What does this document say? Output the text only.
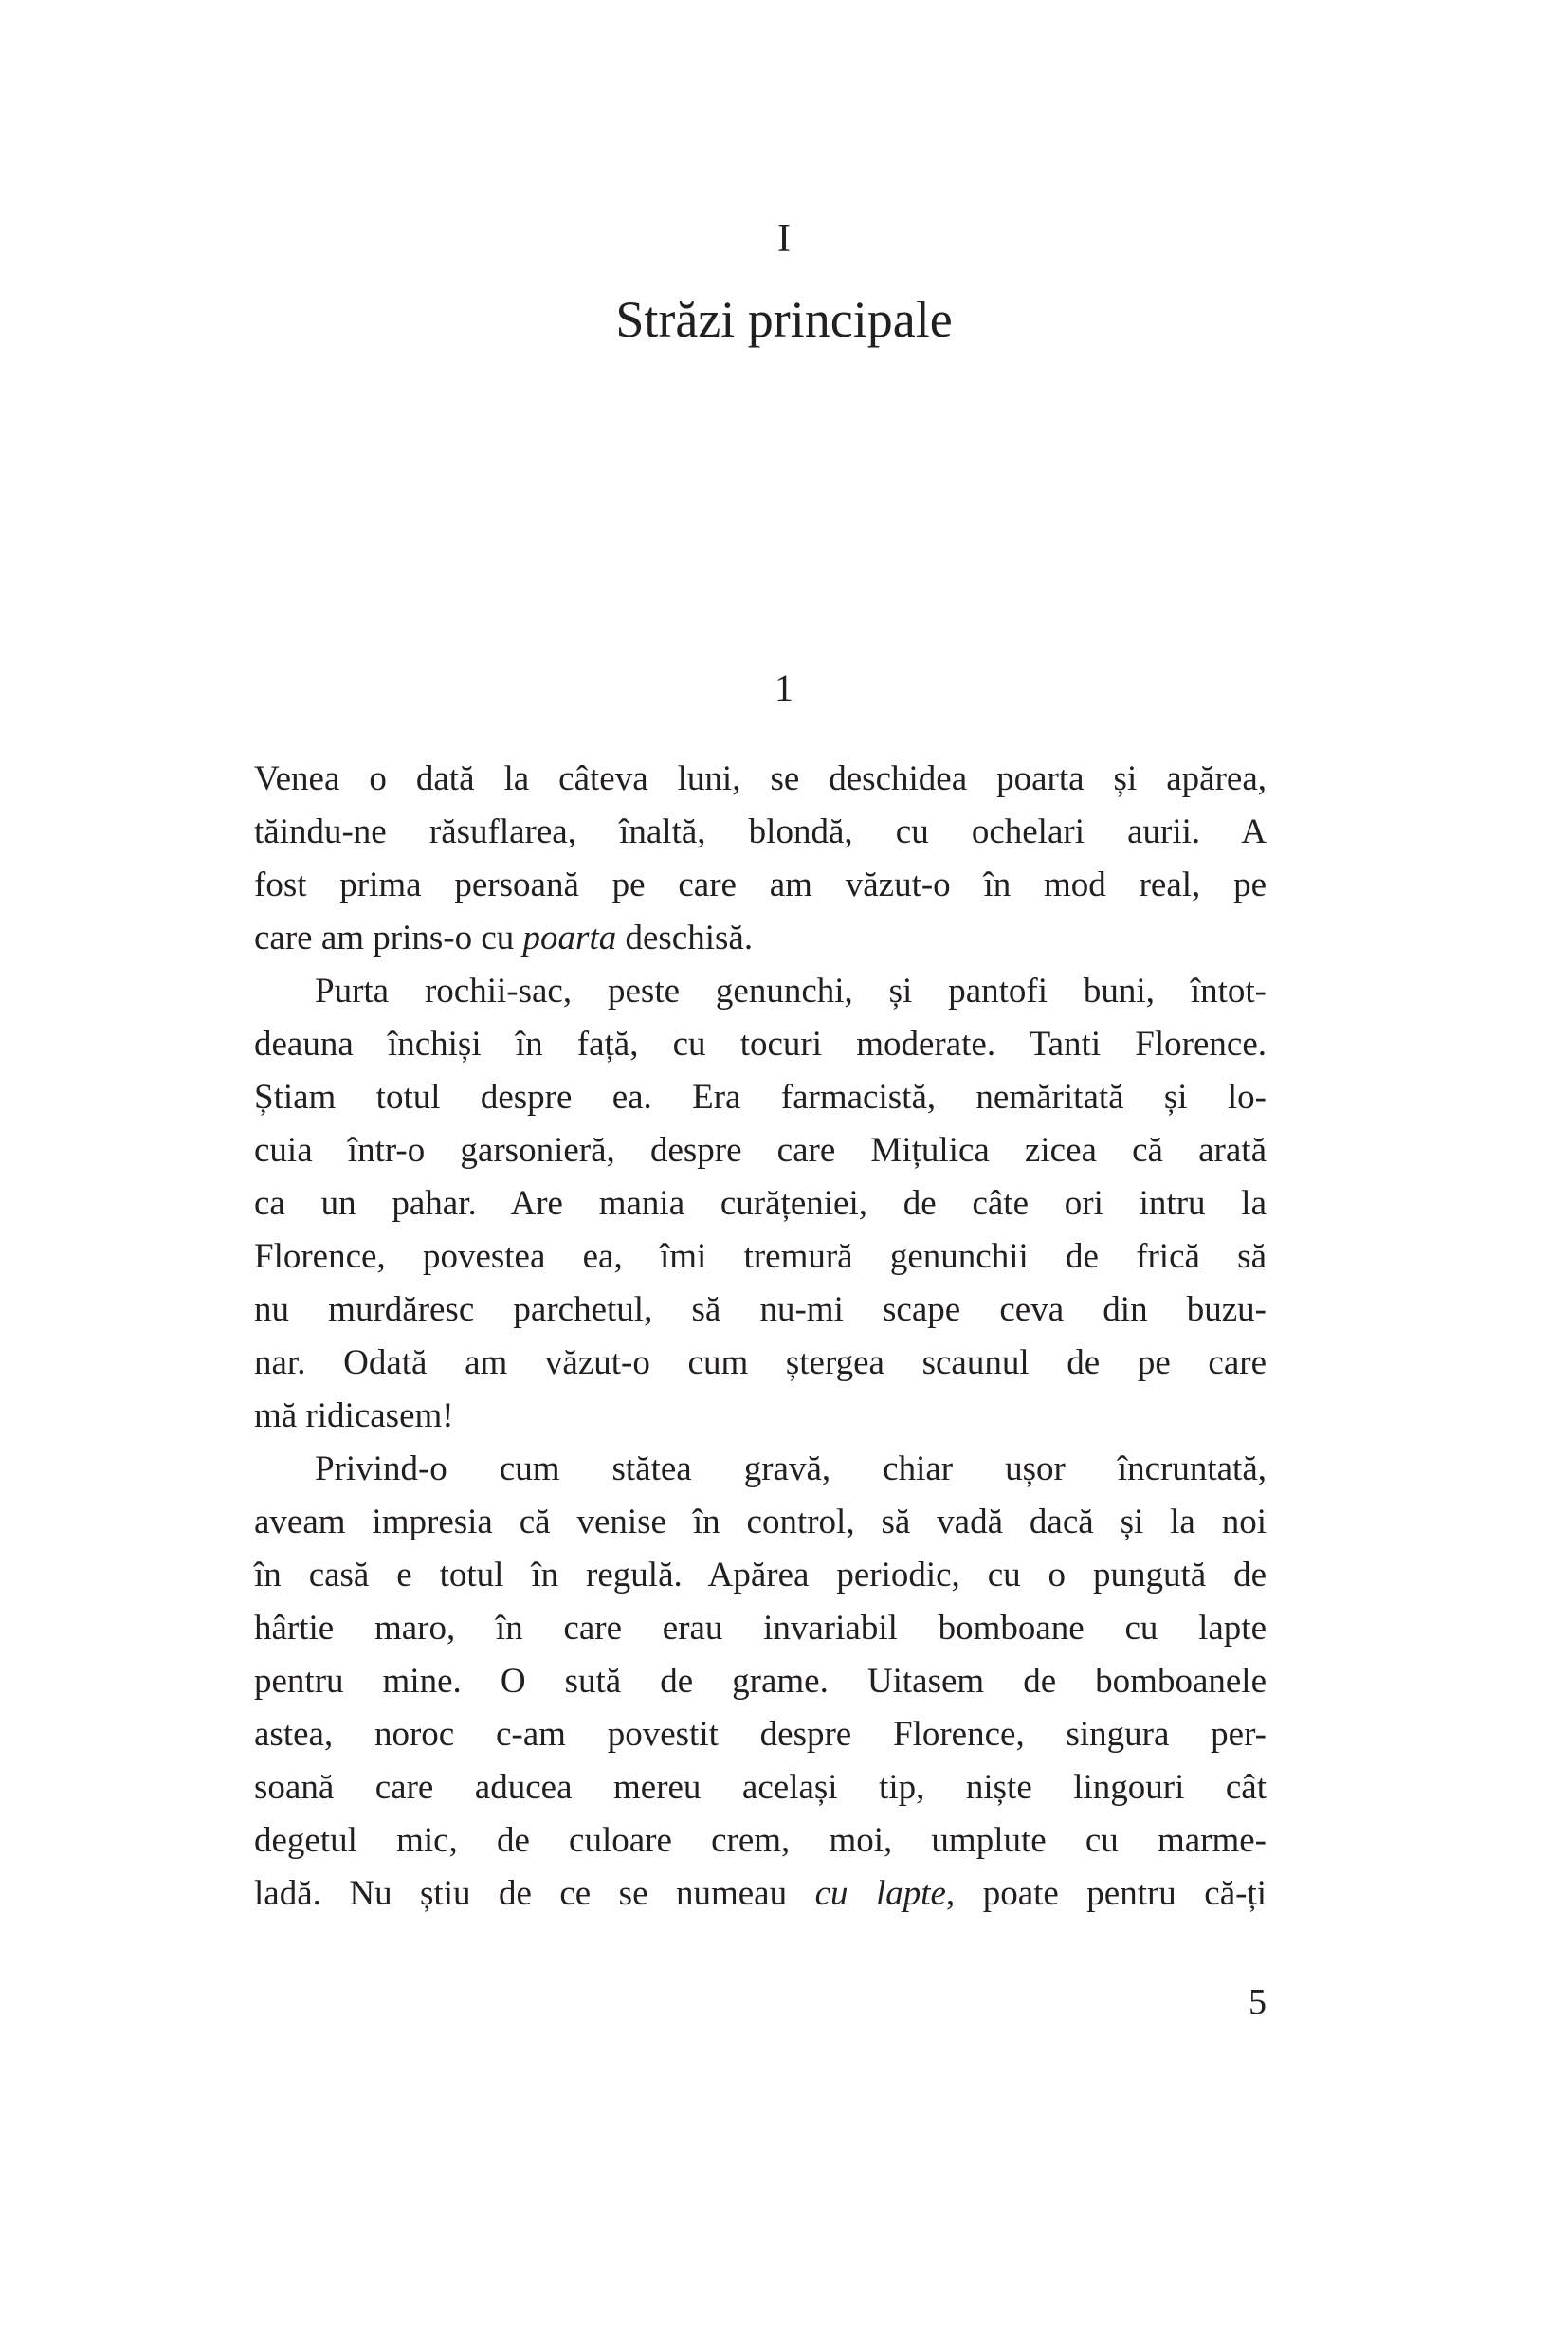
I
Străzi principale
1
Venea o dată la câteva luni, se deschidea poarta și apărea,
tăindu-ne răsuflarea, înaltă, blondă, cu ochelari aurii. A
fost prima persoană pe care am văzut-o în mod real, pe
care am prins-o cu poarta deschisă.
Purta rochii-sac, peste genunchi, și pantofi buni, întot-
deauna închiși în față, cu tocuri moderate. Tanti Florence.
Știam totul despre ea. Era farmacistă, nemăritată și lo-
cuia într-o garsonieră, despre care Mițulica zicea că arată
ca un pahar. Are mania curățeniei, de câte ori intru la
Florence, povestea ea, îmi tremură genunchii de frică să
nu murdăresc parchetul, să nu-mi scape ceva din buzu-
nar. Odată am văzut-o cum ștergea scaunul de pe care
mă ridicasem!
Privind-o cum stătea gravă, chiar ușor încruntată,
aveam impresia că venise în control, să vadă dacă și la noi
în casă e totul în regulă. Apărea periodic, cu o pungută de
hârtie maro, în care erau invariabil bomboane cu lapte
pentru mine. O sută de grame. Uitasem de bomboanele
astea, noroc c-am povestit despre Florence, singura per-
soană care aducea mereu același tip, niște lingouri cât
degetul mic, de culoare crem, moi, umplute cu marme-
ladă. Nu știu de ce se numeau cu lapte, poate pentru că-ți
5
